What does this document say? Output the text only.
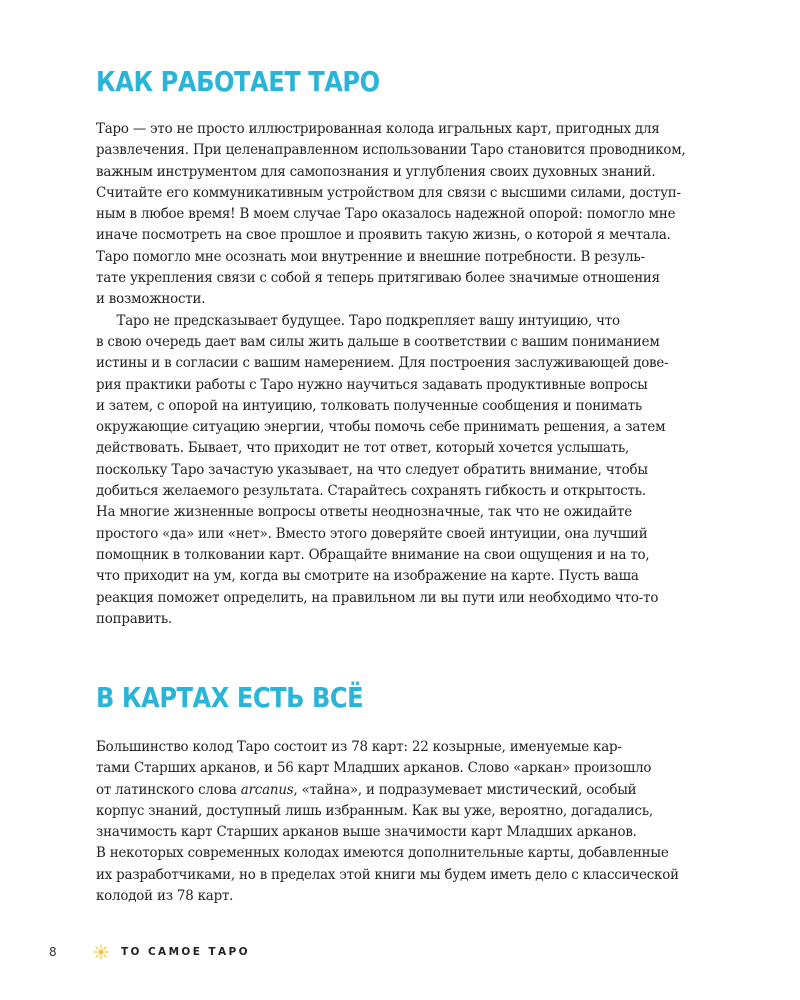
КАК РАБОТАЕТ ТАРО
Таро — это не просто иллюстрированная колода игральных карт, пригодных для
развлечения. При целенаправленном использовании Таро становится проводником,
важным инструментом для самопознания и углубления своих духовных знаний.
Считайте его коммуникативным устройством для связи с высшими силами, доступ-
ным в любое время! В моем случае Таро оказалось надежной опорой: помогло мне
иначе посмотреть на свое прошлое и проявить такую жизнь, о которой я мечтала.
Таро помогло мне осознать мои внутренние и внешние потребности. В резуль-
тате укрепления связи с собой я теперь притягиваю более значимые отношения
и возможности.
Таро не предсказывает будущее. Таро подкрепляет вашу интуицию, что
в свою очередь дает вам силы жить дальше в соответствии с вашим пониманием
истины и в согласии с вашим намерением. Для построения заслуживающей дове-
рия практики работы с Таро нужно научиться задавать продуктивные вопросы
и затем, с опорой на интуицию, толковать полученные сообщения и понимать
окружающие ситуацию энергии, чтобы помочь себе принимать решения, а затем
действовать. Бывает, что приходит не тот ответ, который хочется услышать,
поскольку Таро зачастую указывает, на что следует обратить внимание, чтобы
добиться желаемого результата. Старайтесь сохранять гибкость и открытость.
На многие жизненные вопросы ответы неоднозначные, так что не ожидайте
простого «да» или «нет». Вместо этого доверяйте своей интуиции, она лучший
помощник в толковании карт. Обращайте внимание на свои ощущения и на то,
что приходит на ум, когда вы смотрите на изображение на карте. Пусть ваша
реакция поможет определить, на правильном ли вы пути или необходимо что-то
поправить.
В КАРТАХ ЕСТЬ ВСЁ
Большинство колод Таро состоит из 78 карт: 22 козырные, именуемые кар-
тами Старших арканов, и 56 карт Младших арканов. Слово «аркан» произошло
от латинского слова arcanus, «тайна», и подразумевает мистический, особый
корпус знаний, доступный лишь избранным. Как вы уже, вероятно, догадались,
значимость карт Старших арканов выше значимости карт Младших арканов.
В некоторых современных колодах имеются дополнительные карты, добавленные
их разработчиками, но в пределах этой книги мы будем иметь дело с классической
колодой из 78 карт.
8	ТО САМОЕ ТАРО
